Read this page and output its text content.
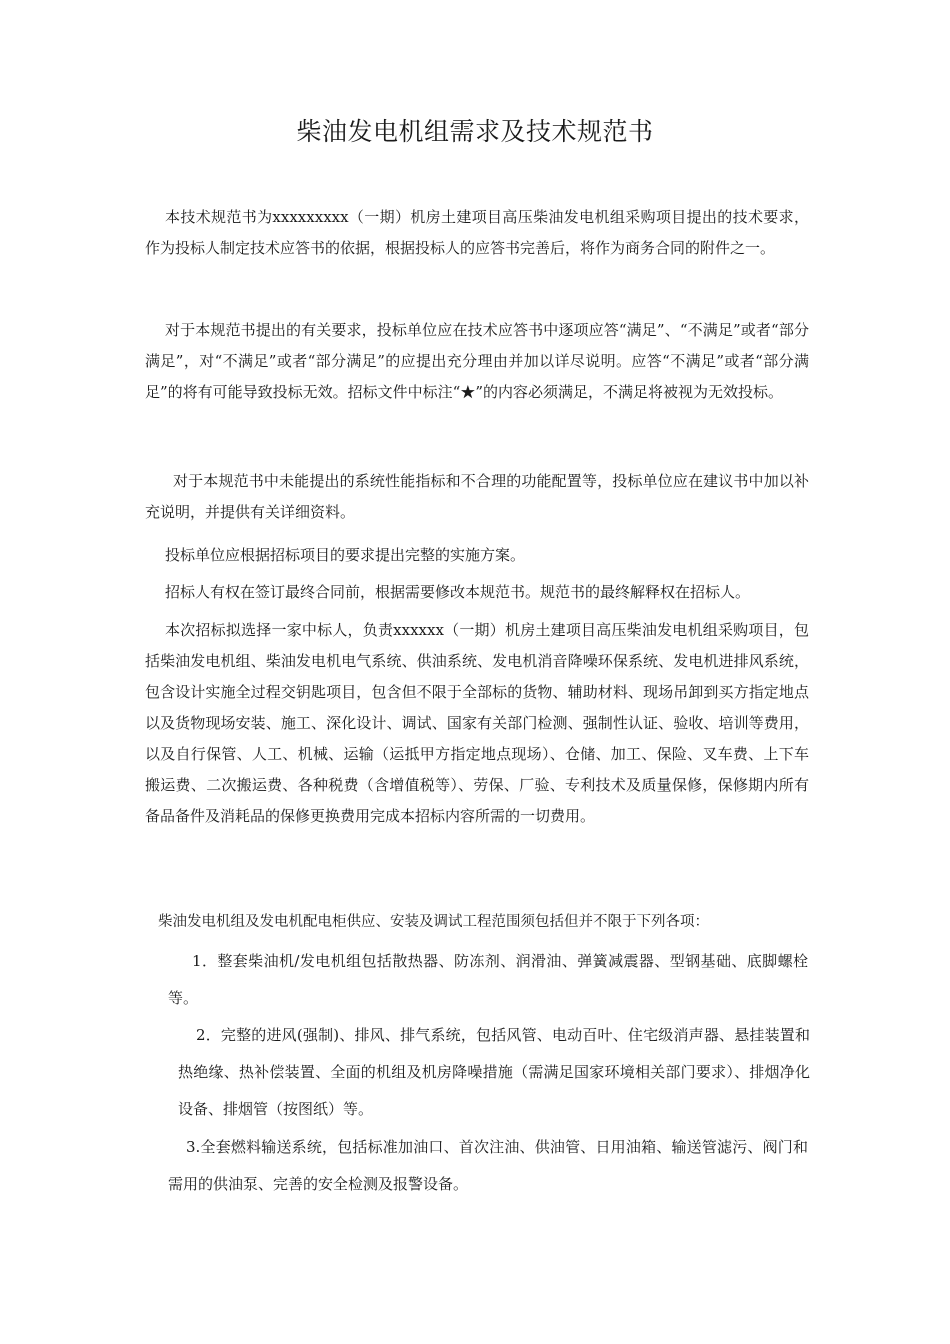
柴油发电机组需求及技术规范书

本技术规范书为xxxxxxxxx（一期）机房土建项目高压柴油发电机组采购项目提出的技术要求，作为投标人制定技术应答书的依据，根据投标人的应答书完善后，将作为商务合同的附件之一。

对于本规范书提出的有关要求，投标单位应在技术应答书中逐项应答“满足”、“不满足”或者“部分满足”，对“不满足”或者“部分满足”的应提出充分理由并加以详尽说明。应答“不满足”或者“部分满足”的将有可能导致投标无效。招标文件中标注“★”的内容必须满足，不满足将被视为无效投标。

对于本规范书中未能提出的系统性能指标和不合理的功能配置等，投标单位应在建议书中加以补充说明，并提供有关详细资料。

投标单位应根据招标项目的要求提出完整的实施方案。

招标人有权在签订最终合同前，根据需要修改本规范书。规范书的最终解释权在招标人。

本次招标拟选择一家中标人，负责xxxxxx（一期）机房土建项目高压柴油发电机组采购项目，包括柴油发电机组、柴油发电机电气系统、供油系统、发电机消音降噪环保系统、发电机进排风系统，包含设计实施全过程交钥匙项目，包含但不限于全部标的货物、辅助材料、现场吊卸到买方指定地点以及货物现场安装、施工、深化设计、调试、国家有关部门检测、强制性认证、验收、培训等费用，以及自行保管、人工、机械、运输（运抵甲方指定地点现场）、仓储、加工、保险、叉车费、上下车搬运费、二次搬运费、各种税费（含增值税等）、劳保、厂验、专利技术及质量保修，保修期内所有备品备件及消耗品的保修更换费用完成本招标内容所需的一切费用。

柴油发电机组及发电机配电柜供应、安装及调试工程范围须包括但并不限于下列各项：

1．整套柴油机/发电机组包括散热器、防冻剂、润滑油、弹簧减震器、型钢基础、底脚螺栓等。

2．完整的进风(强制)、排风、排气系统，包括风管、电动百叶、住宅级消声器、悬挂装置和热绝缘、热补偿装置、全面的机组及机房降噪措施（需满足国家环境相关部门要求）、排烟净化设备、排烟管（按图纸）等。

3.全套燃料输送系统，包括标准加油口、首次注油、供油管、日用油箱、输送管滤污、阀门和需用的供油泵、完善的安全检测及报警设备。
